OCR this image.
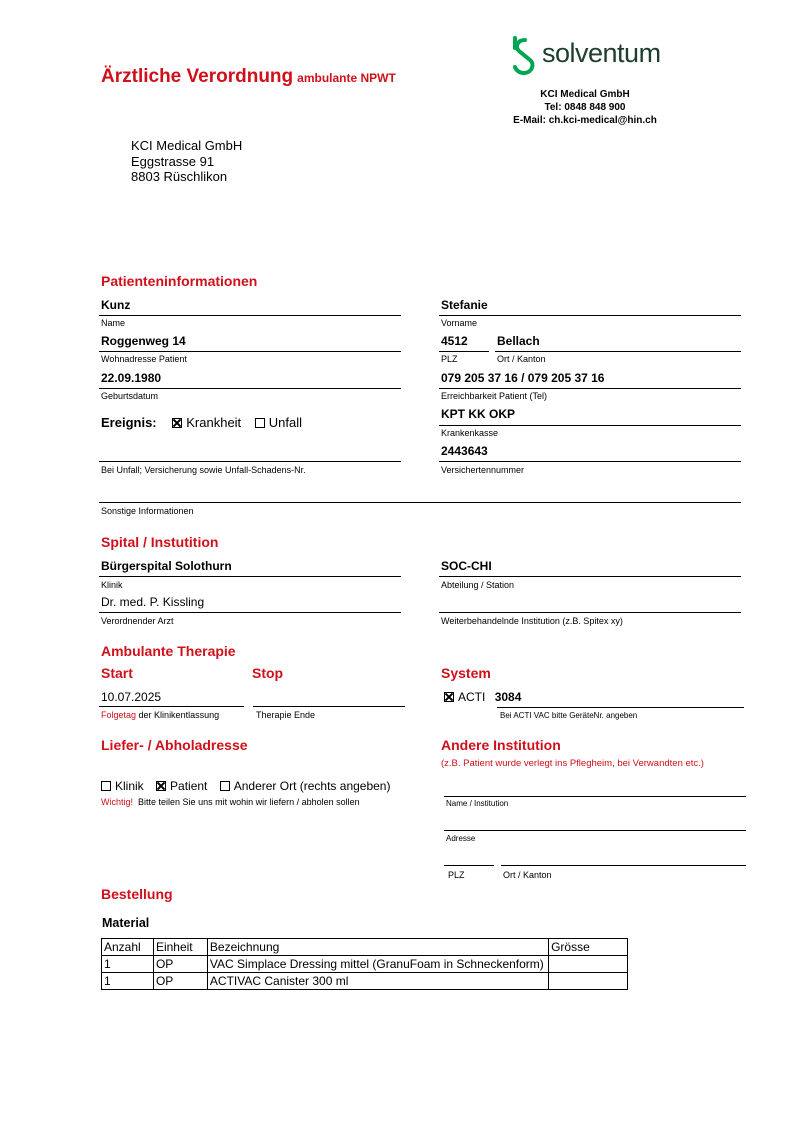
Ärztliche Verordnung ambulante NPWT
solventum
KCI Medical GmbH
Tel: 0848 848 900
E-Mail: ch.kci-medical@hin.ch
KCI Medical GmbH
Eggstrasse 91
8803 Rüschlikon
Patienteninformationen
Kunz
Name
Stefanie
Vorname
Roggenweg 14
Wohnadresse Patient
4512
PLZ
Bellach
Ort / Kanton
22.09.1980
Geburtsdatum
079 205 37 16 / 079 205 37 16
Erreichbarkeit Patient (Tel)
Ereignis: Krankheit Unfall
KPT KK OKP
Krankenkasse
Bei Unfall; Versicherung sowie Unfall-Schadens-Nr.
2443643
Versichertennummer
Sonstige Informationen
Spital / Instutition
Bürgerspital Solothurn
Klinik
SOC-CHI
Abteilung / Station
Dr. med. P. Kissling
Verordnender Arzt	Weiterbehandelnde Institution (z.B. Spitex xy)
Ambulante Therapie
Start	Stop	System
10.07.2025
Folgetag der Klinikentlassung	Therapie Ende
ACTI 3084
Bei ACTI VAC bitte GeräteNr. angeben
Liefer- / Abholadresse
Klinik Patient Anderer Ort (rechts angeben)
Wichtig! Bitte teilen Sie uns mit wohin wir liefern / abholen sollen
Andere Institution
(z.B. Patient wurde verlegt ins Pflegheim, bei Verwandten etc.)
Name / Institution
Adresse
PLZ	Ort / Kanton
Bestellung
Material
Anzahl	Einheit	Bezeichnung	Grösse
1	OP	VAC Simplace Dressing mittel (GranuFoam in Schneckenform)	
1	OP	ACTIVAC Canister 300 ml	
